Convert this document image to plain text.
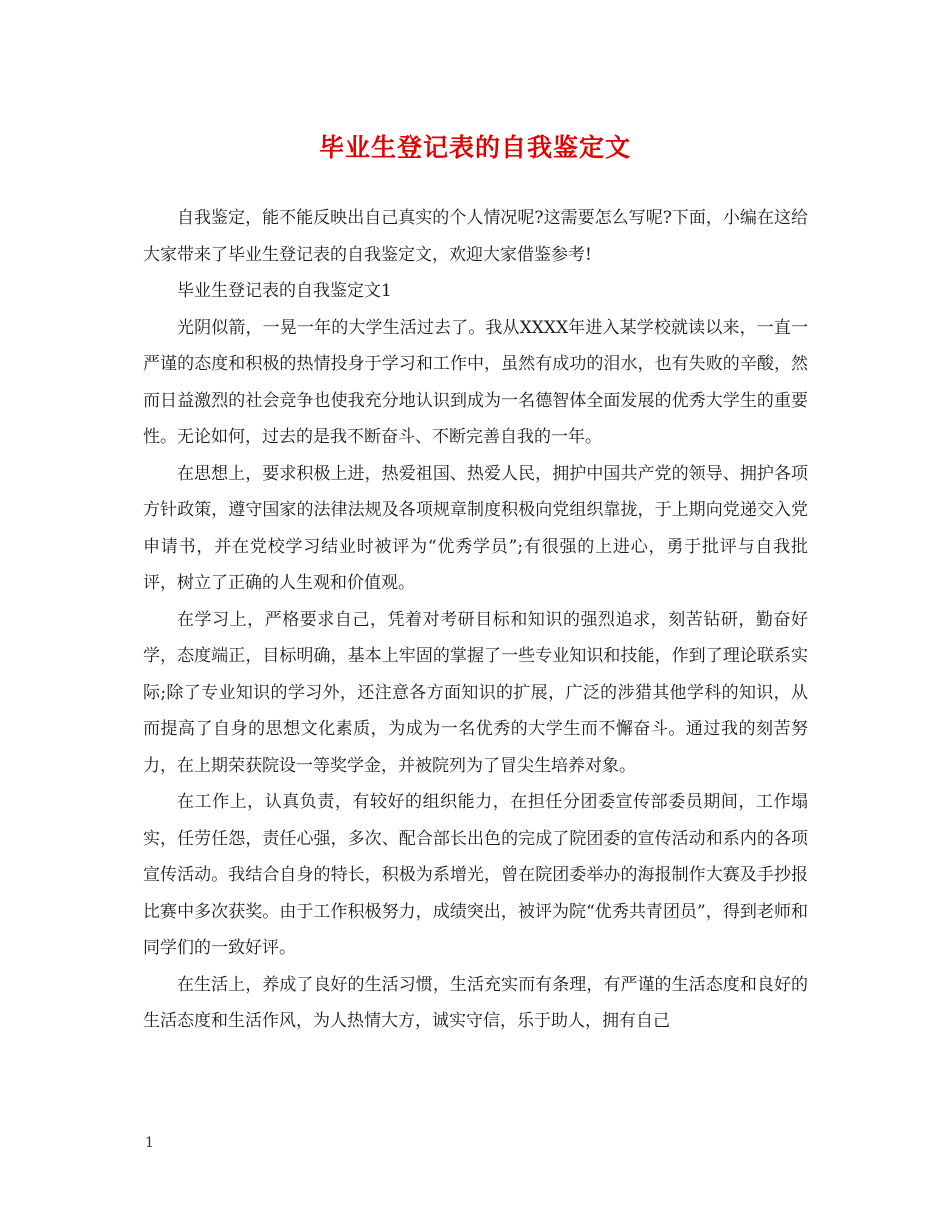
毕业生登记表的自我鉴定文

自我鉴定，能不能反映出自己真实的个人情况呢?这需要怎么写呢?下面，小编在这给大家带来了毕业生登记表的自我鉴定文，欢迎大家借鉴参考!

毕业生登记表的自我鉴定文1

光阴似箭，一晃一年的大学生活过去了。我从XXXX年进入某学校就读以来，一直一严谨的态度和积极的热情投身于学习和工作中，虽然有成功的泪水，也有失败的辛酸，然而日益激烈的社会竞争也使我充分地认识到成为一名德智体全面发展的优秀大学生的重要性。无论如何，过去的是我不断奋斗、不断完善自我的一年。

在思想上，要求积极上进，热爱祖国、热爱人民，拥护中国共产党的领导、拥护各项方针政策，遵守国家的法律法规及各项规章制度积极向党组织靠拢，于上期向党递交入党申请书，并在党校学习结业时被评为“优秀学员”;有很强的上进心，勇于批评与自我批评，树立了正确的人生观和价值观。

在学习上，严格要求自己，凭着对考研目标和知识的强烈追求，刻苦钻研，勤奋好学，态度端正，目标明确，基本上牢固的掌握了一些专业知识和技能，作到了理论联系实际;除了专业知识的学习外，还注意各方面知识的扩展，广泛的涉猎其他学科的知识，从而提高了自身的思想文化素质，为成为一名优秀的大学生而不懈奋斗。通过我的刻苦努力，在上期荣获院设一等奖学金，并被院列为了冒尖生培养对象。

在工作上，认真负责，有较好的组织能力，在担任分团委宣传部委员期间，工作塌实，任劳任怨，责任心强，多次、配合部长出色的完成了院团委的宣传活动和系内的各项宣传活动。我结合自身的特长，积极为系增光，曾在院团委举办的海报制作大赛及手抄报比赛中多次获奖。由于工作积极努力，成绩突出，被评为院“优秀共青团员”，得到老师和同学们的一致好评。

在生活上，养成了良好的生活习惯，生活充实而有条理，有严谨的生活态度和良好的生活态度和生活作风，为人热情大方，诚实守信，乐于助人，拥有自己

1
